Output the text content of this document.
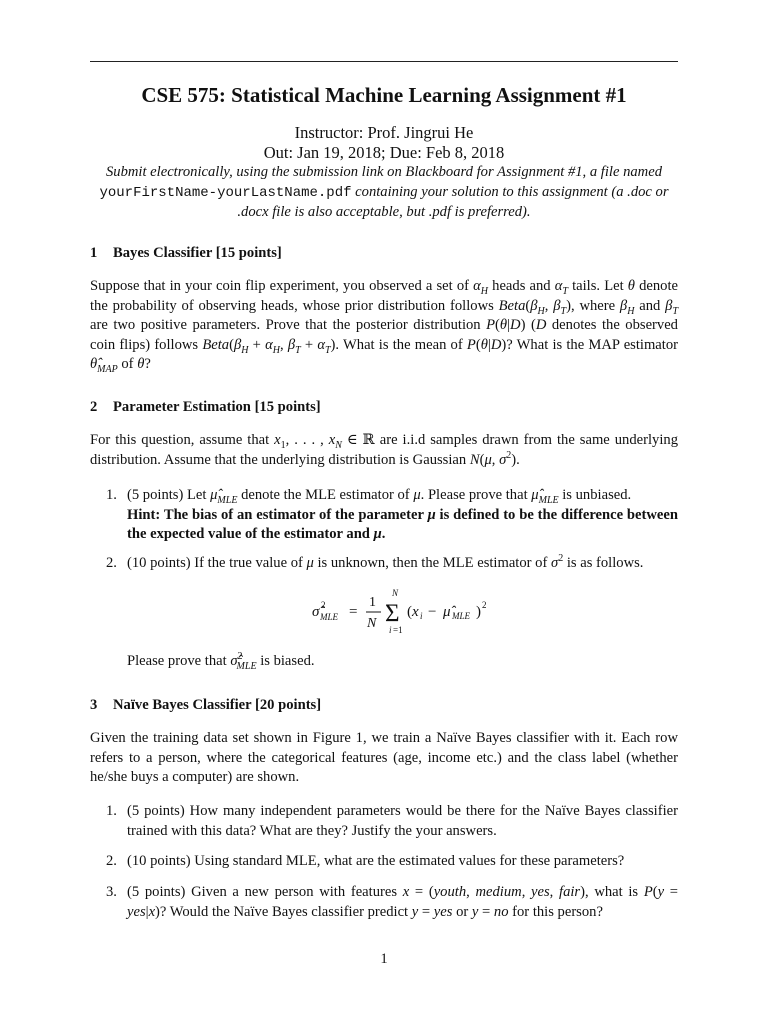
CSE 575: Statistical Machine Learning Assignment #1
Instructor: Prof. Jingrui He
Out: Jan 19, 2018; Due: Feb 8, 2018
Submit electronically, using the submission link on Blackboard for Assignment #1, a file named yourFirstName-yourLastName.pdf containing your solution to this assignment (a .doc or .docx file is also acceptable, but .pdf is preferred).
1 Bayes Classifier [15 points]

Suppose that in your coin flip experiment, you observed a set of $\alpha_H$ heads and $\alpha_T$ tails. Let θ denote the probability of observing heads, whose prior distribution follows $Beta(\beta_H$, $\beta_T$), where $\beta_H$ and $\beta_T$ are two positive parameters. Prove that the posterior distribution P(θ|D) (D denotes the observed coin flips) follows $Beta(\beta_H + \alpha_H$, $\beta_T + \alpha_T$). What is the mean of P(θ|D)? What is the MAP estimator $\thetâ_{MAP}$ of θ?

2 Parameter Estimation [15 points]

For this question, assume that $x_1$, . . . , $x_N$ ∈ ℝ are i.i.d samples drawn from the same underlying distribution. Assume that the underlying distribution is Gaussian N(μ, $\sigma^2$).

1. (5 points) Let $\mû_{MLE}$ denote the MLE estimator of μ. Please prove that $\mû_{MLE}$ is unbiased.
Hint: The bias of an estimator of the parameter μ is defined to be the difference between the expected value of the estimator and μ.
2. (10 points) If the true value of μ is unknown, then the MLE estimator of $\sigma^2$ is as follows.
σ̂ 2
MLE =
1
N
N
Σ
i =1
( x i − μ̂ MLE ) 2
Please prove that σ̂$^2_{MLE}$ is biased.
3 Naïve Bayes Classifier [20 points]

Given the training data set shown in Figure 1, we train a Naïve Bayes classifier with it. Each row refers to a person, where the categorical features (age, income etc.) and the class label (whether he/she buys a computer) are shown.

1. (5 points) How many independent parameters would be there for the Naïve Bayes classifier trained with this data? What are they? Justify the your answers.
2. (10 points) Using standard MLE, what are the estimated values for these parameters?
3. (5 points) Given a new person with features x = (youth, medium, yes, fair), what is P(y = yes|x)? Would the Naïve Bayes classifier predict y = yes or y = no for this person?
1
